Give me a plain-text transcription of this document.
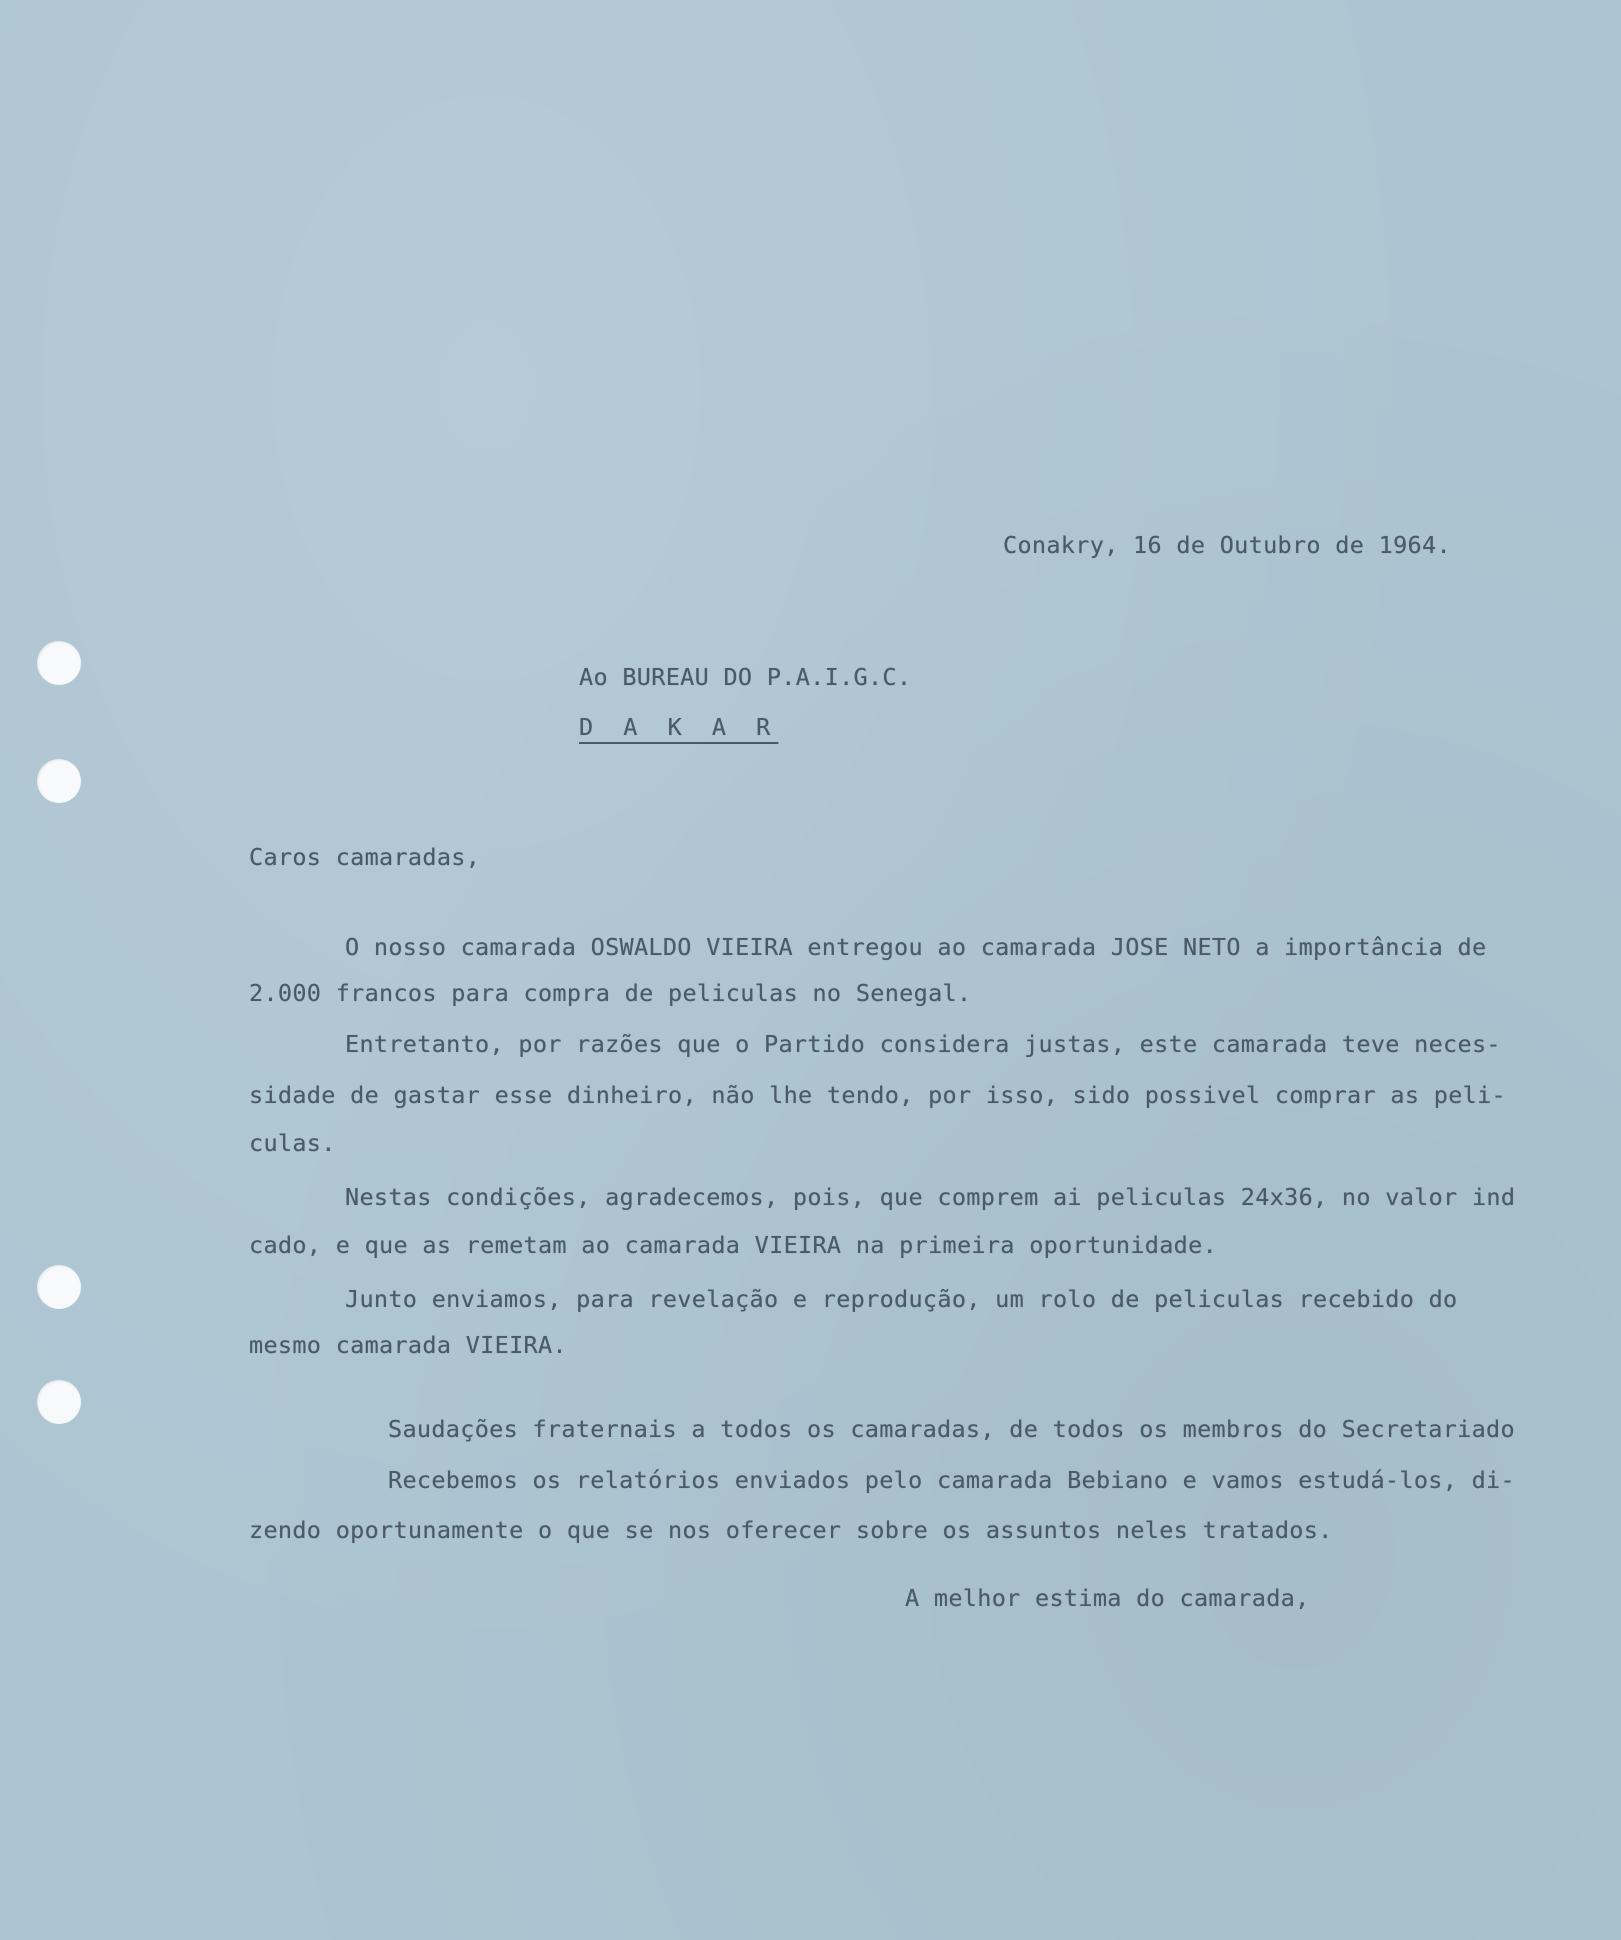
Conakry, 16 de Outubro de 1964.
Ao BUREAU DO P.A.I.G.C.
D A K A R
Caros camaradas,
O nosso camarada OSWALDO VIEIRA entregou ao camarada JOSE NETO a importância de
2.000 francos para compra de peliculas no Senegal.
Entretanto, por razões que o Partido considera justas, este camarada teve neces-
sidade de gastar esse dinheiro, não lhe tendo, por isso, sido possivel comprar as peli-
culas.
Nestas condições, agradecemos, pois, que comprem ai peliculas 24x36, no valor ind
cado, e que as remetam ao camarada VIEIRA na primeira oportunidade.
Junto enviamos, para revelação e reprodução, um rolo de peliculas recebido do
mesmo camarada VIEIRA.
Saudações fraternais a todos os camaradas, de todos os membros do Secretariado
Recebemos os relatórios enviados pelo camarada Bebiano e vamos estudá-los, di-
zendo oportunamente o que se nos oferecer sobre os assuntos neles tratados.
A melhor estima do camarada,
